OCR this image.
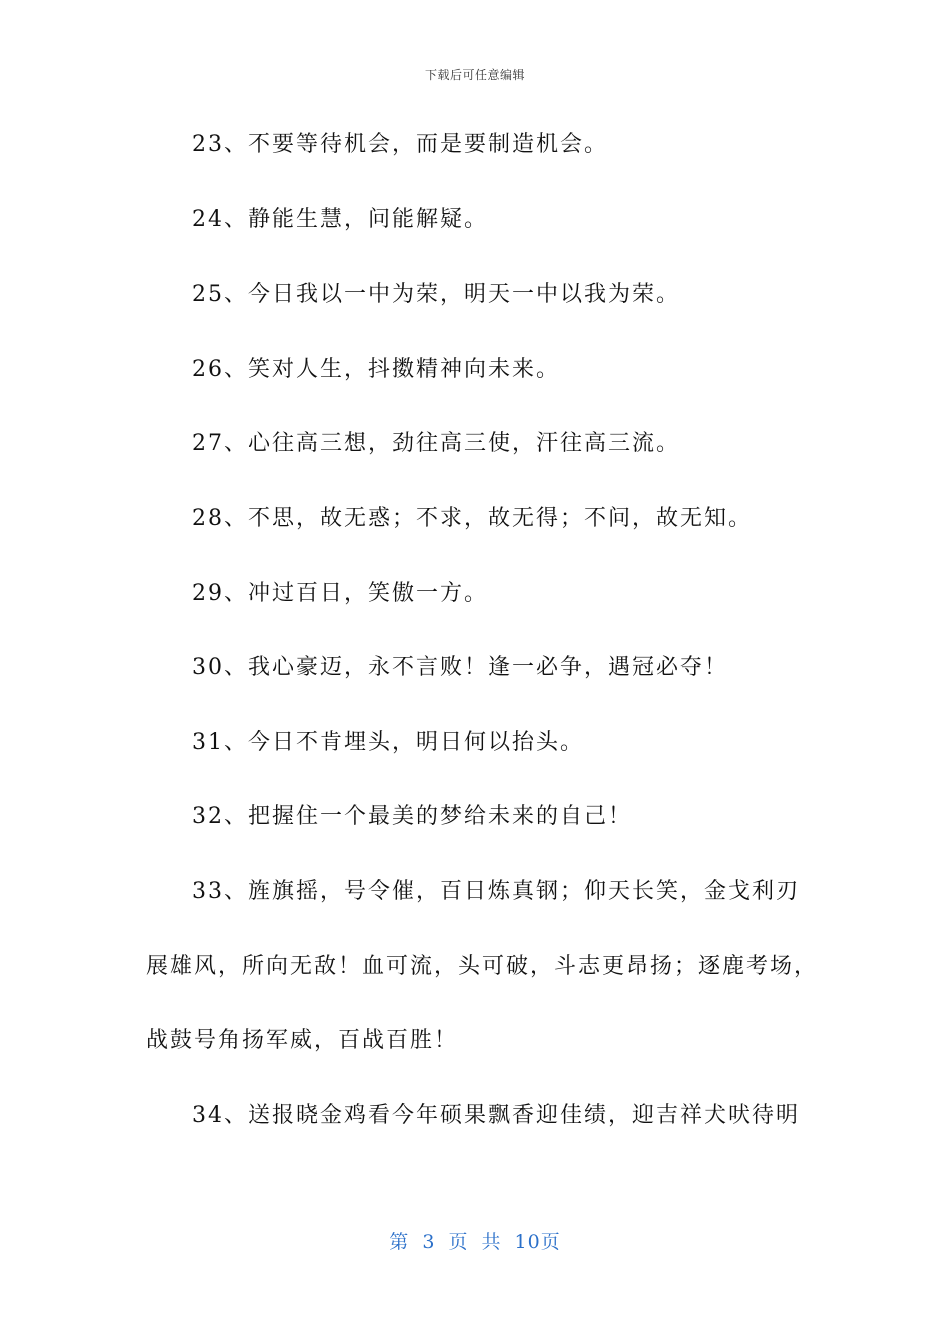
下载后可任意编辑
23、不要等待机会，而是要制造机会。
24、静能生慧，问能解疑。
25、今日我以一中为荣，明天一中以我为荣。
26、笑对人生，抖擞精神向未来。
27、心往高三想，劲往高三使，汗往高三流。
28、不思，故无惑；不求，故无得；不问，故无知。
29、冲过百日，笑傲一方。
30、我心豪迈，永不言败！逢一必争，遇冠必夺！
31、今日不肯埋头，明日何以抬头。
32、把握住一个最美的梦给未来的自己！
33、旌旗摇，号令催，百日炼真钢；仰天长笑，金戈利刃
展雄风，所向无敌！血可流，头可破，斗志更昂扬；逐鹿考场，
战鼓号角扬军威，百战百胜！
34、送报晓金鸡看今年硕果飘香迎佳绩，迎吉祥犬吠待明
第 3 页 共 10页
